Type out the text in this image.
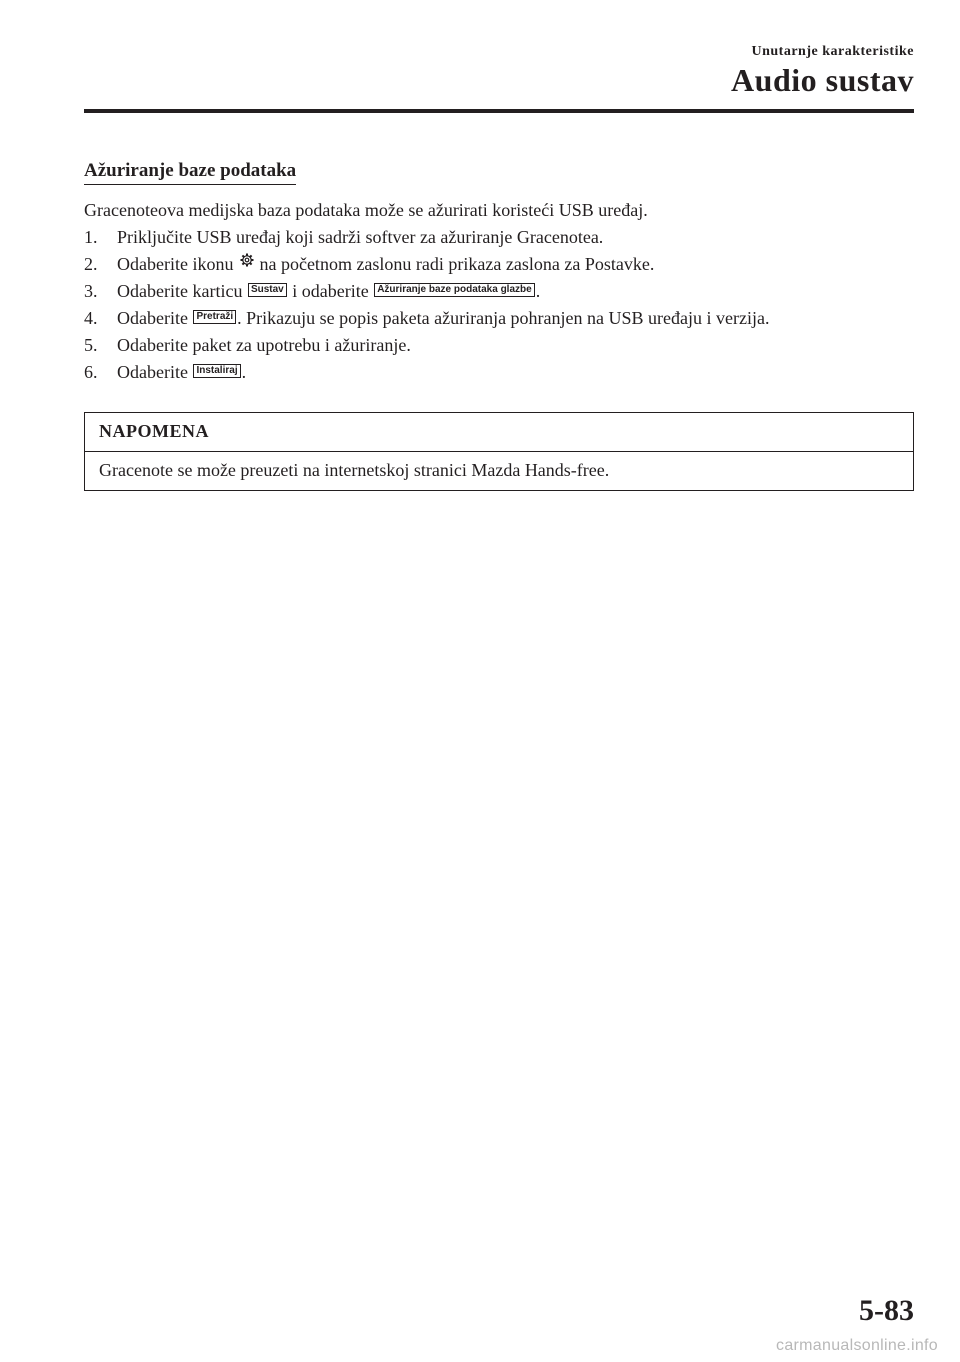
Unutarnje karakteristike
Audio sustav
Ažuriranje baze podataka

Gracenoteova medijska baza podataka može se ažurirati koristeći USB uređaj.

1. Priključite USB uređaj koji sadrži softver za ažuriranje Gracenotea.
2. Odaberite ikonu na početnom zaslonu radi prikaza zaslona za Postavke.
3. Odaberite karticu Sustav i odaberite Ažuriranje baze podataka glazbe .
4. Odaberite Pretraži . Prikazuju se popis paketa ažuriranja pohranjen na USB uređaju i verzija.
5. Odaberite paket za upotrebu i ažuriranje.
6. Odaberite Instaliraj .
NAPOMENA
Gracenote se može preuzeti na internetskoj stranici Mazda Hands-free.
5-83
carmanualsonline.info
